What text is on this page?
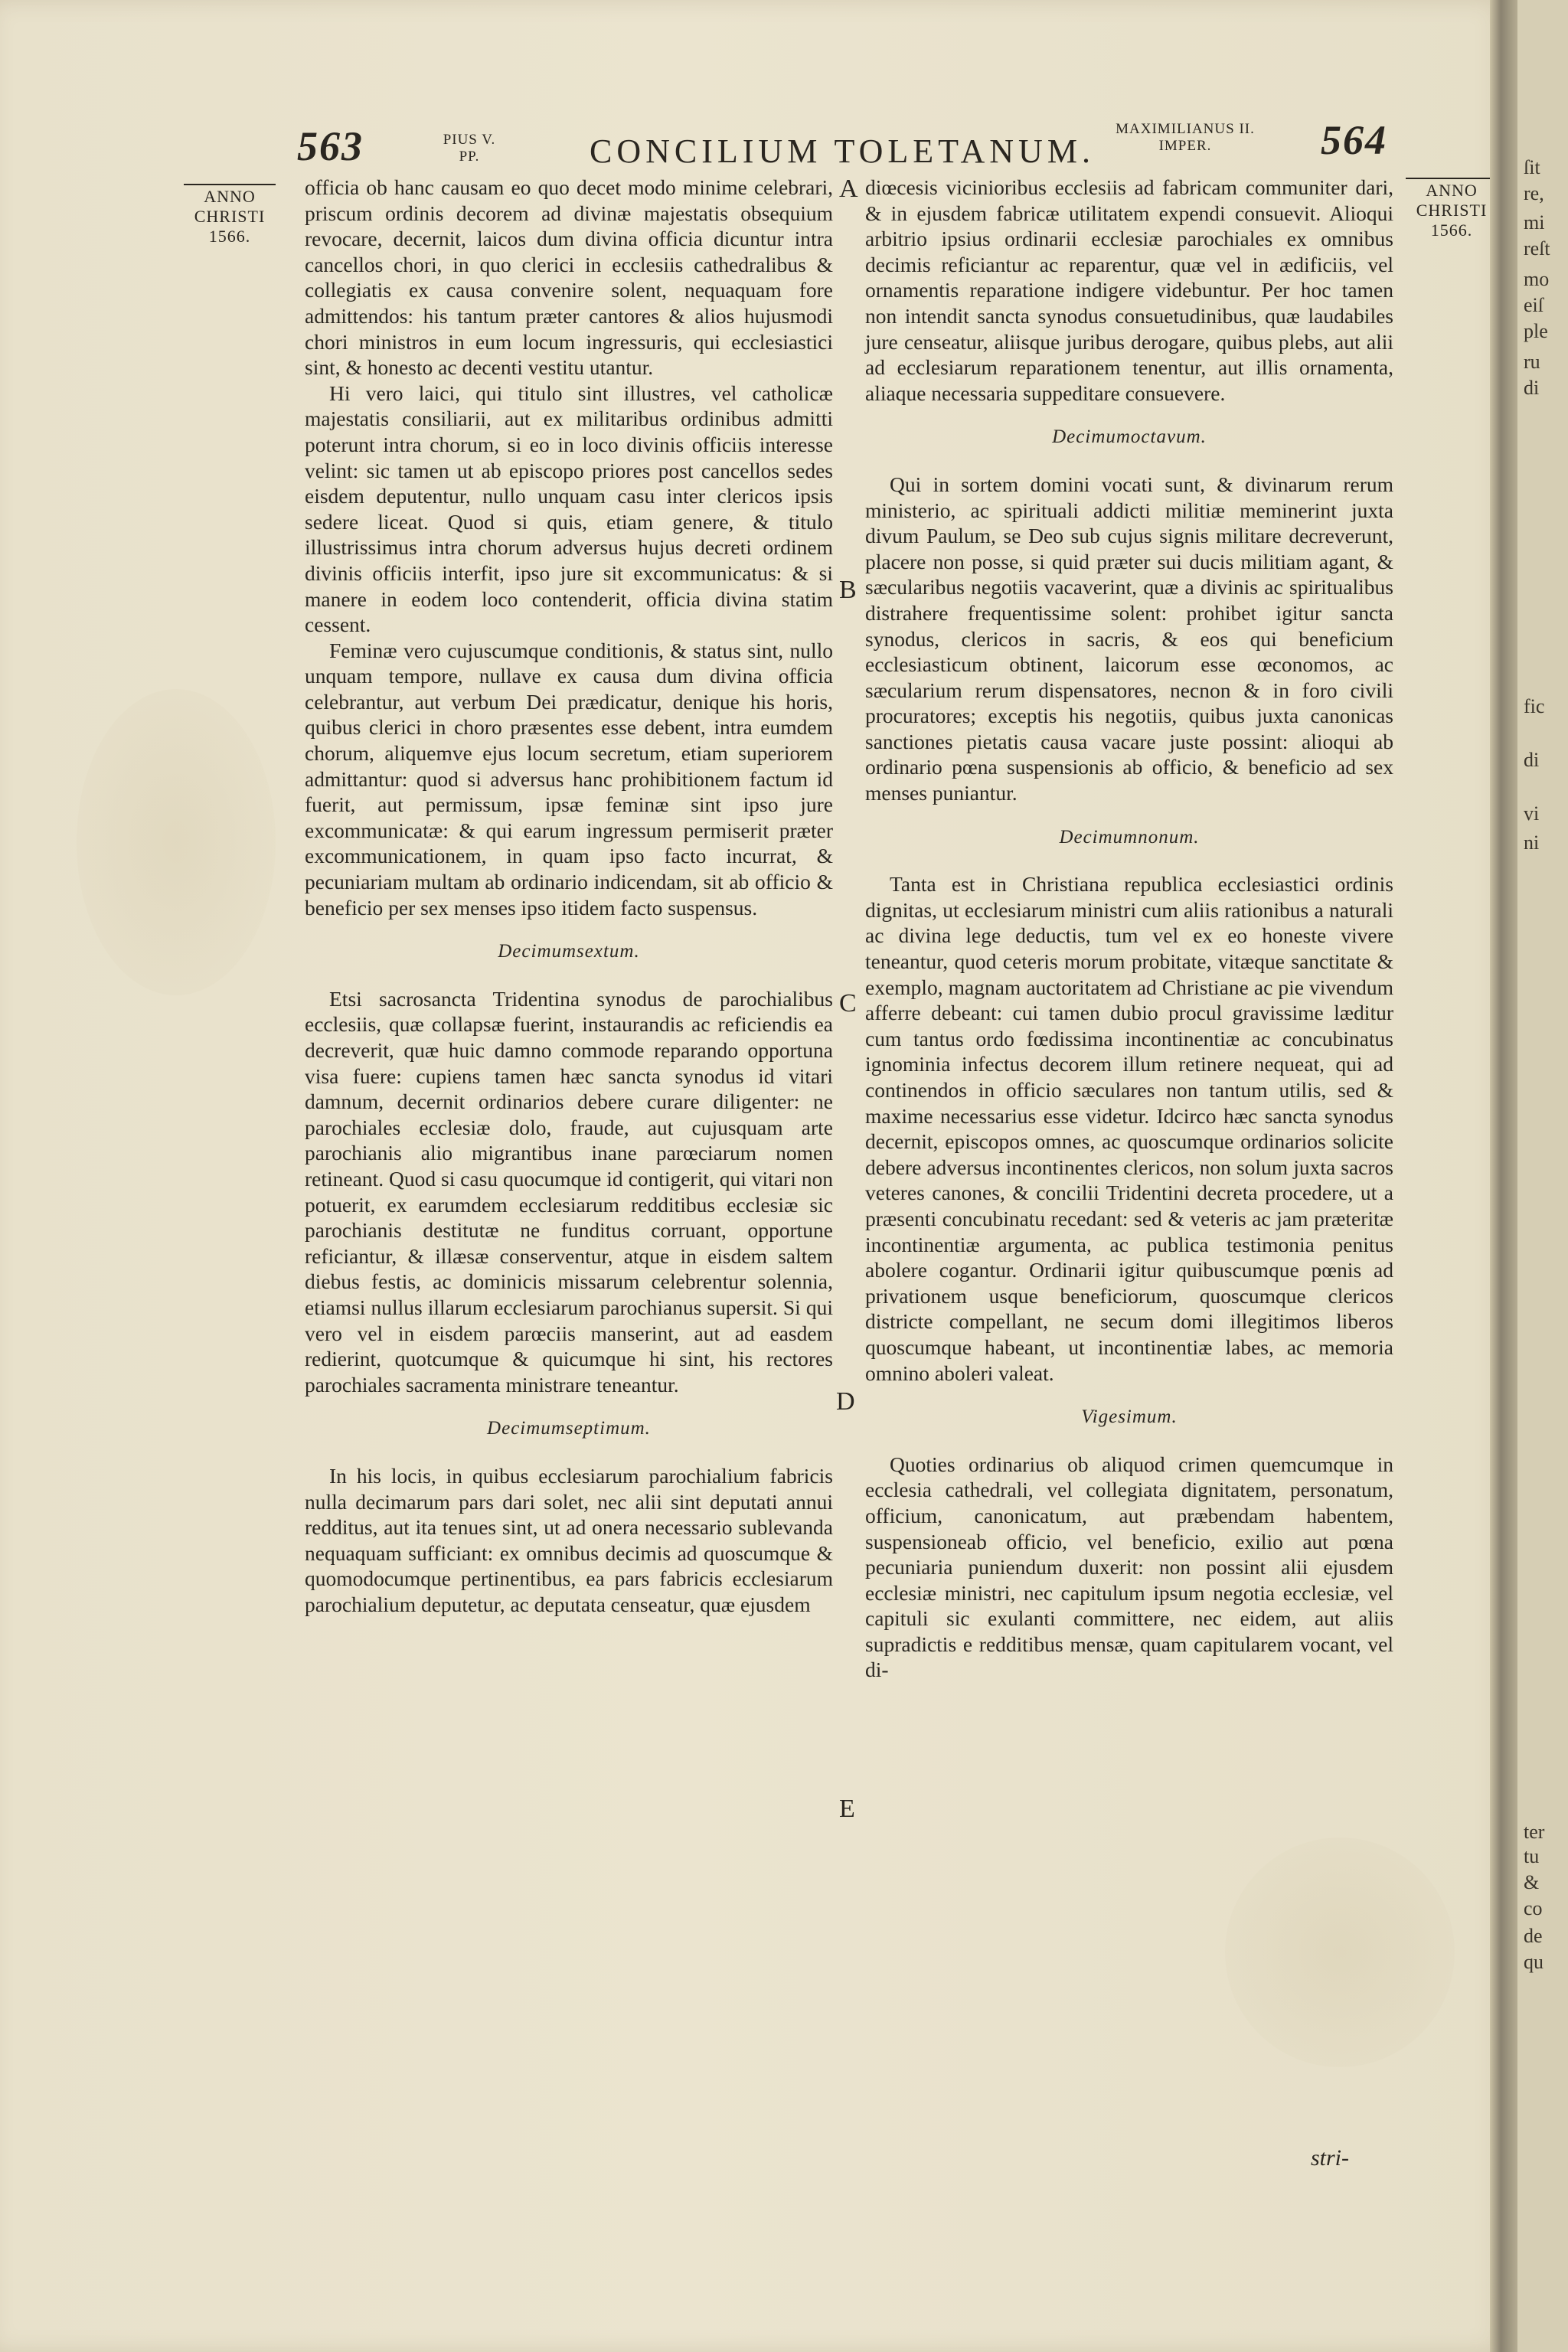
563	PIUS V.
PP.	CONCILIUM TOLETANUM.
MAXIMILIANUS II.
IMPER.	564
ANNO
CHRISTI
1566.
ANNO
CHRISTI
1566.

officia ob hanc causam eo quo decet modo minime celebrari, priscum ordinis decorem ad divinæ majestatis obsequium revocare, decernit, laicos dum divina officia dicuntur intra cancellos chori, in quo clerici in ecclesiis cathedralibus & collegiatis ex causa convenire solent, nequaquam fore admittendos: his tantum præter cantores & alios hujusmodi chori ministros in eum locum ingressuris, qui ecclesiastici sint, & honesto ac decenti vestitu utantur.

Hi vero laici, qui titulo sint illustres, vel catholicæ majestatis consiliarii, aut ex militaribus ordinibus admitti poterunt intra chorum, si eo in loco divinis officiis interesse velint: sic tamen ut ab episcopo priores post cancellos sedes eisdem deputentur, nullo unquam casu inter clericos ipsis sedere liceat. Quod si quis, etiam genere, & titulo illustrissimus intra chorum adversus hujus decreti ordinem divinis officiis interfit, ipso jure sit excommunicatus: & si manere in eodem loco contenderit, officia divina statim cessent.

Feminæ vero cujuscumque conditionis, & status sint, nullo unquam tempore, nullave ex causa dum divina officia celebrantur, aut verbum Dei prædicatur, denique his horis, quibus clerici in choro præsentes esse debent, intra eumdem chorum, aliquemve ejus locum secretum, etiam superiorem admittantur: quod si adversus hanc prohibitionem factum id fuerit, aut permissum, ipsæ feminæ sint ipso jure excommunicatæ: & qui earum ingressum permiserit præter excommunicationem, in quam ipso facto incurrat, & pecuniariam multam ab ordinario indicendam, sit ab officio & beneficio per sex menses ipso itidem facto suspensus.

Decimumsextum.

Etsi sacrosancta Tridentina synodus de parochialibus ecclesiis, quæ collapsæ fuerint, instaurandis ac reficiendis ea decreverit, quæ huic damno commode reparando opportuna visa fuere: cupiens tamen hæc sancta synodus id vitari damnum, decernit ordinarios debere curare diligenter: ne parochiales ecclesiæ dolo, fraude, aut cujusquam arte parochianis alio migrantibus inane parœciarum nomen retineant. Quod si casu quocumque id contigerit, qui vitari non potuerit, ex earumdem ecclesiarum redditibus ecclesiæ sic parochianis destitutæ ne funditus corruant, opportune reficiantur, & illæsæ conserventur, atque in eisdem saltem diebus festis, ac dominicis missarum celebrentur solennia, etiamsi nullus illarum ecclesiarum parochianus supersit. Si qui vero vel in eisdem parœciis manserint, aut ad easdem redierint, quotcumque & quicumque hi sint, his rectores parochiales sacramenta ministrare teneantur.

Decimumseptimum.

In his locis, in quibus ecclesiarum parochialium fabricis nulla decimarum pars dari solet, nec alii sint deputati annui redditus, aut ita tenues sint, ut ad onera necessario sublevanda nequaquam sufficiant: ex omnibus decimis ad quoscumque & quomodocumque pertinentibus, ea pars fabricis ecclesiarum parochialium deputetur, ac deputata censeatur, quæ ejusdem

diœcesis vicinioribus ecclesiis ad fabricam communiter dari, & in ejusdem fabricæ utilitatem expendi consuevit. Alioqui arbitrio ipsius ordinarii ecclesiæ parochiales ex omnibus decimis reficiantur ac reparentur, quæ vel in ædificiis, vel ornamentis reparatione indigere videbuntur. Per hoc tamen non intendit sancta synodus consuetudinibus, quæ laudabiles jure censeatur, aliisque juribus derogare, quibus plebs, aut alii ad ecclesiarum reparationem tenentur, aut illis ornamenta, aliaque necessaria suppeditare consuevere.

Decimumoctavum.

Qui in sortem domini vocati sunt, & divinarum rerum ministerio, ac spirituali addicti militiæ meminerint juxta divum Paulum, se Deo sub cujus signis militare decreverunt, placere non posse, si quid præter sui ducis militiam agant, & sæcularibus negotiis vacaverint, quæ a divinis ac spiritualibus distrahere frequentissime solent: prohibet igitur sancta synodus, clericos in sacris, & eos qui beneficium ecclesiasticum obtinent, laicorum esse œconomos, ac sæcularium rerum dispensatores, necnon & in foro civili procuratores; exceptis his negotiis, quibus juxta canonicas sanctiones pietatis causa vacare juste possint: alioqui ab ordinario pœna suspensionis ab officio, & beneficio ad sex menses puniantur.

Decimumnonum.

Tanta est in Christiana republica ecclesiastici ordinis dignitas, ut ecclesiarum ministri cum aliis rationibus a naturali ac divina lege deductis, tum vel ex eo honeste vivere teneantur, quod ceteris morum probitate, vitæque sanctitate & exemplo, magnam auctoritatem ad Christiane ac pie vivendum afferre debeant: cui tamen dubio procul gravissime læditur cum tantus ordo fœdissima incontinentiæ ac concubinatus ignominia infectus decorem illum retinere nequeat, qui ad continendos in officio sæculares non tantum utilis, sed & maxime necessarius esse videtur. Idcirco hæc sancta synodus decernit, episcopos omnes, ac quoscumque ordinarios solicite debere adversus incontinentes clericos, non solum juxta sacros veteres canones, & concilii Tridentini decreta procedere, ut a præsenti concubinatu recedant: sed & veteris ac jam præteritæ incontinentiæ argumenta, ac publica testimonia penitus abolere cogantur. Ordinarii igitur quibuscumque pœnis ad privationem usque beneficiorum, quoscumque clericos districte compellant, ne secum domi illegitimos liberos quoscumque habeant, ut incontinentiæ labes, ac memoria omnino aboleri valeat.

Vigesimum.

Quoties ordinarius ob aliquod crimen quemcumque in ecclesia cathedrali, vel collegiata dignitatem, personatum, officium, canonicatum, aut præbendam habentem, suspensioneab officio, vel beneficio, exilio aut pœna pecuniaria puniendum duxerit: non possint alii ejusdem ecclesiæ ministri, nec capitulum ipsum negotia ecclesiæ, vel capituli sic exulanti committere, nec eidem, aut aliis supradictis e redditibus mensæ, quam capitularem vocant, vel di-

A
B
C
D
E
stri-
ſit
re,
mi
reſt
mo
eiſ
ple
ru
di
fic
di
vi
ni
ter
tu
&
co
de
qu
